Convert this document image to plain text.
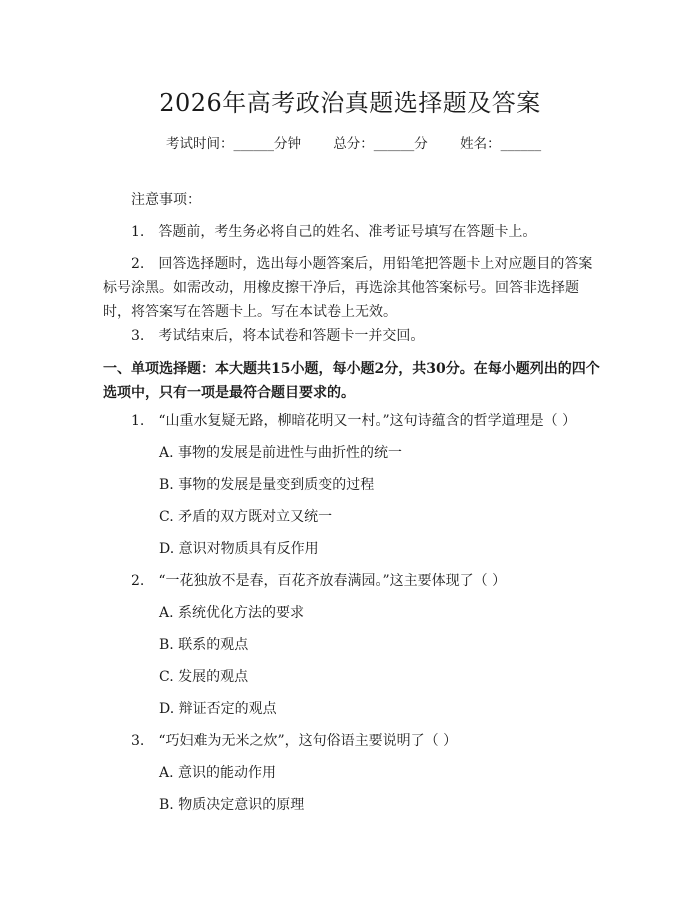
2026年高考政治真题选择题及答案
考试时间：______分钟 总分：______分 姓名：______
注意事项：
1.　答题前，考生务必将自己的姓名、准考证号填写在答题卡上。
2.　回答选择题时，选出每小题答案后，用铅笔把答题卡上对应题目的答案标号涂黑。如需改动，用橡皮擦干净后，再选涂其他答案标号。回答非选择题时，将答案写在答题卡上。写在本试卷上无效。
3.　考试结束后，将本试卷和答题卡一并交回。
一、单项选择题：本大题共15小题，每小题2分，共30分。在每小题列出的四个选项中，只有一项是最符合题目要求的。
1.　“山重水复疑无路，柳暗花明又一村。”这句诗蕴含的哲学道理是（ ）
A. 事物的发展是前进性与曲折性的统一
B. 事物的发展是量变到质变的过程
C. 矛盾的双方既对立又统一
D. 意识对物质具有反作用
2.　“一花独放不是春，百花齐放春满园。”这主要体现了（ ）
A. 系统优化方法的要求
B. 联系的观点
C. 发展的观点
D. 辩证否定的观点
3.　“巧妇难为无米之炊”，这句俗语主要说明了（ ）
A. 意识的能动作用
B. 物质决定意识的原理
